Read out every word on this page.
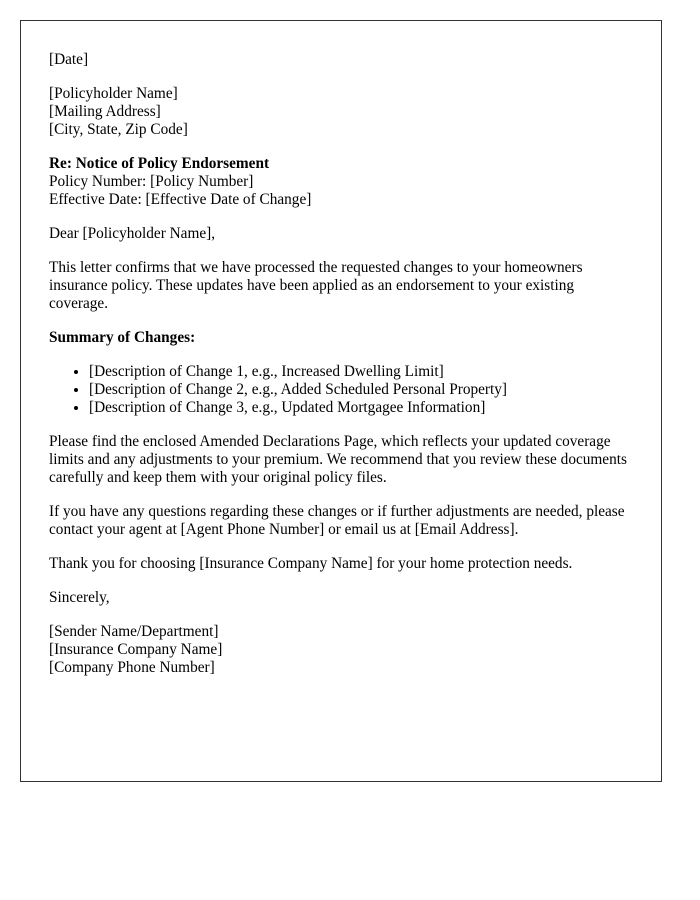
[Date]

[Policyholder Name]
[Mailing Address]
[City, State, Zip Code]

Re: Notice of Policy Endorsement
Policy Number: [Policy Number]
Effective Date: [Effective Date of Change]

Dear [Policyholder Name],

This letter confirms that we have processed the requested changes to your homeowners insurance policy. These updates have been applied as an endorsement to your existing coverage.

Summary of Changes:

• [Description of Change 1, e.g., Increased Dwelling Limit]
• [Description of Change 2, e.g., Added Scheduled Personal Property]
• [Description of Change 3, e.g., Updated Mortgagee Information]

Please find the enclosed Amended Declarations Page, which reflects your updated coverage limits and any adjustments to your premium. We recommend that you review these documents carefully and keep them with your original policy files.

If you have any questions regarding these changes or if further adjustments are needed, please contact your agent at [Agent Phone Number] or email us at [Email Address].

Thank you for choosing [Insurance Company Name] for your home protection needs.

Sincerely,

[Sender Name/Department]
[Insurance Company Name]
[Company Phone Number]
